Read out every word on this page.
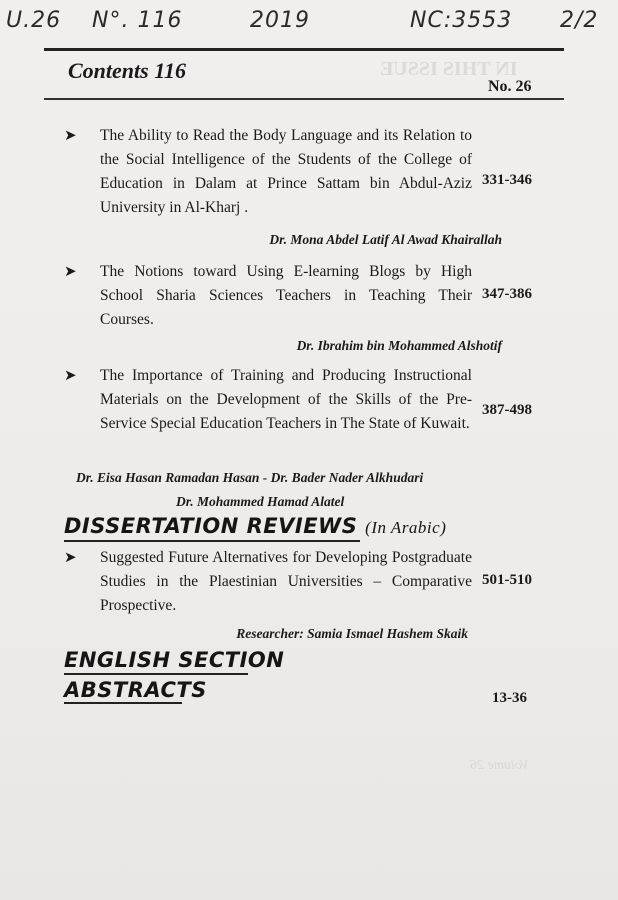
IN THIS ISSUE
Volume 26
U.26 N°. 116	2019	NC:3553 2/2
Contents 116
No. 26
➤ The Ability to Read the Body Language and its Relation to the Social Intelligence of the Students of the College of Education in Dalam at Prince Sattam bin Abdul-Aziz University in Al-Kharj .
331-346
Dr. Mona Abdel Latif Al Awad Khairallah
➤ The Notions toward Using E-learning Blogs by High School Sharia Sciences Teachers in Teaching Their Courses.
347-386
Dr. Ibrahim bin Mohammed Alshotif
➤ The Importance of Training and Producing Instructional Materials on the Development of the Skills of the Pre-Service Special Education Teachers in The State of Kuwait.
387-498
Dr. Eisa Hasan Ramadan Hasan - Dr. Bader Nader Alkhudari
Dr. Mohammed Hamad Alatel
DISSERTATION REVIEWS (In Arabic)
➤ Suggested Future Alternatives for Developing Postgraduate Studies in the Plaestinian Universities – Comparative Prospective.
501-510
Researcher: Samia Ismael Hashem Skaik
ENGLISH SECTION
ABSTRACTS	13-36
